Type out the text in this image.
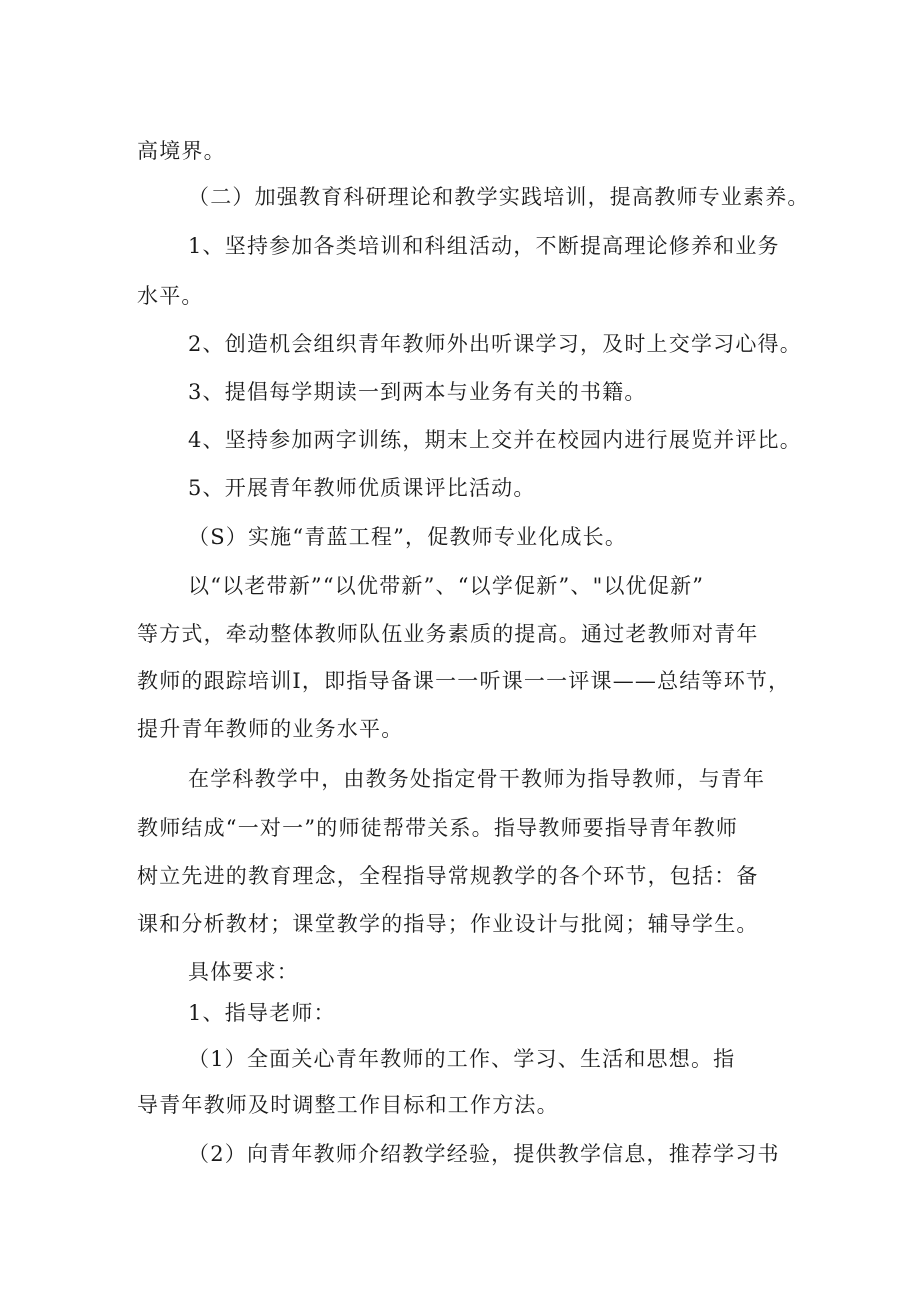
高境界。

（二）加强教育科研理论和教学实践培训，提高教师专业素养。

1、坚持参加各类培训和科组活动，不断提高理论修养和业务

水平。

2、创造机会组织青年教师外出听课学习，及时上交学习心得。

3、提倡每学期读一到两本与业务有关的书籍。

4、坚持参加两字训练，期末上交并在校园内进行展览并评比。

5、开展青年教师优质课评比活动。

（S）实施“青蓝工程”，促教师专业化成长。

以“以老带新”“以优带新”、“以学促新”、"以优促新”

等方式，牵动整体教师队伍业务素质的提高。通过老教师对青年

教师的跟踪培训I，即指导备课一一听课一一评课——总结等环节，

提升青年教师的业务水平。

在学科教学中，由教务处指定骨干教师为指导教师，与青年

教师结成“一对一”的师徒帮带关系。指导教师要指导青年教师

树立先进的教育理念，全程指导常规教学的各个环节，包括：备

课和分析教材；课堂教学的指导；作业设计与批阅；辅导学生。

具体要求：

1、指导老师：

（1）全面关心青年教师的工作、学习、生活和思想。指

导青年教师及时调整工作目标和工作方法。

（2）向青年教师介绍教学经验，提供教学信息，推荐学习书
